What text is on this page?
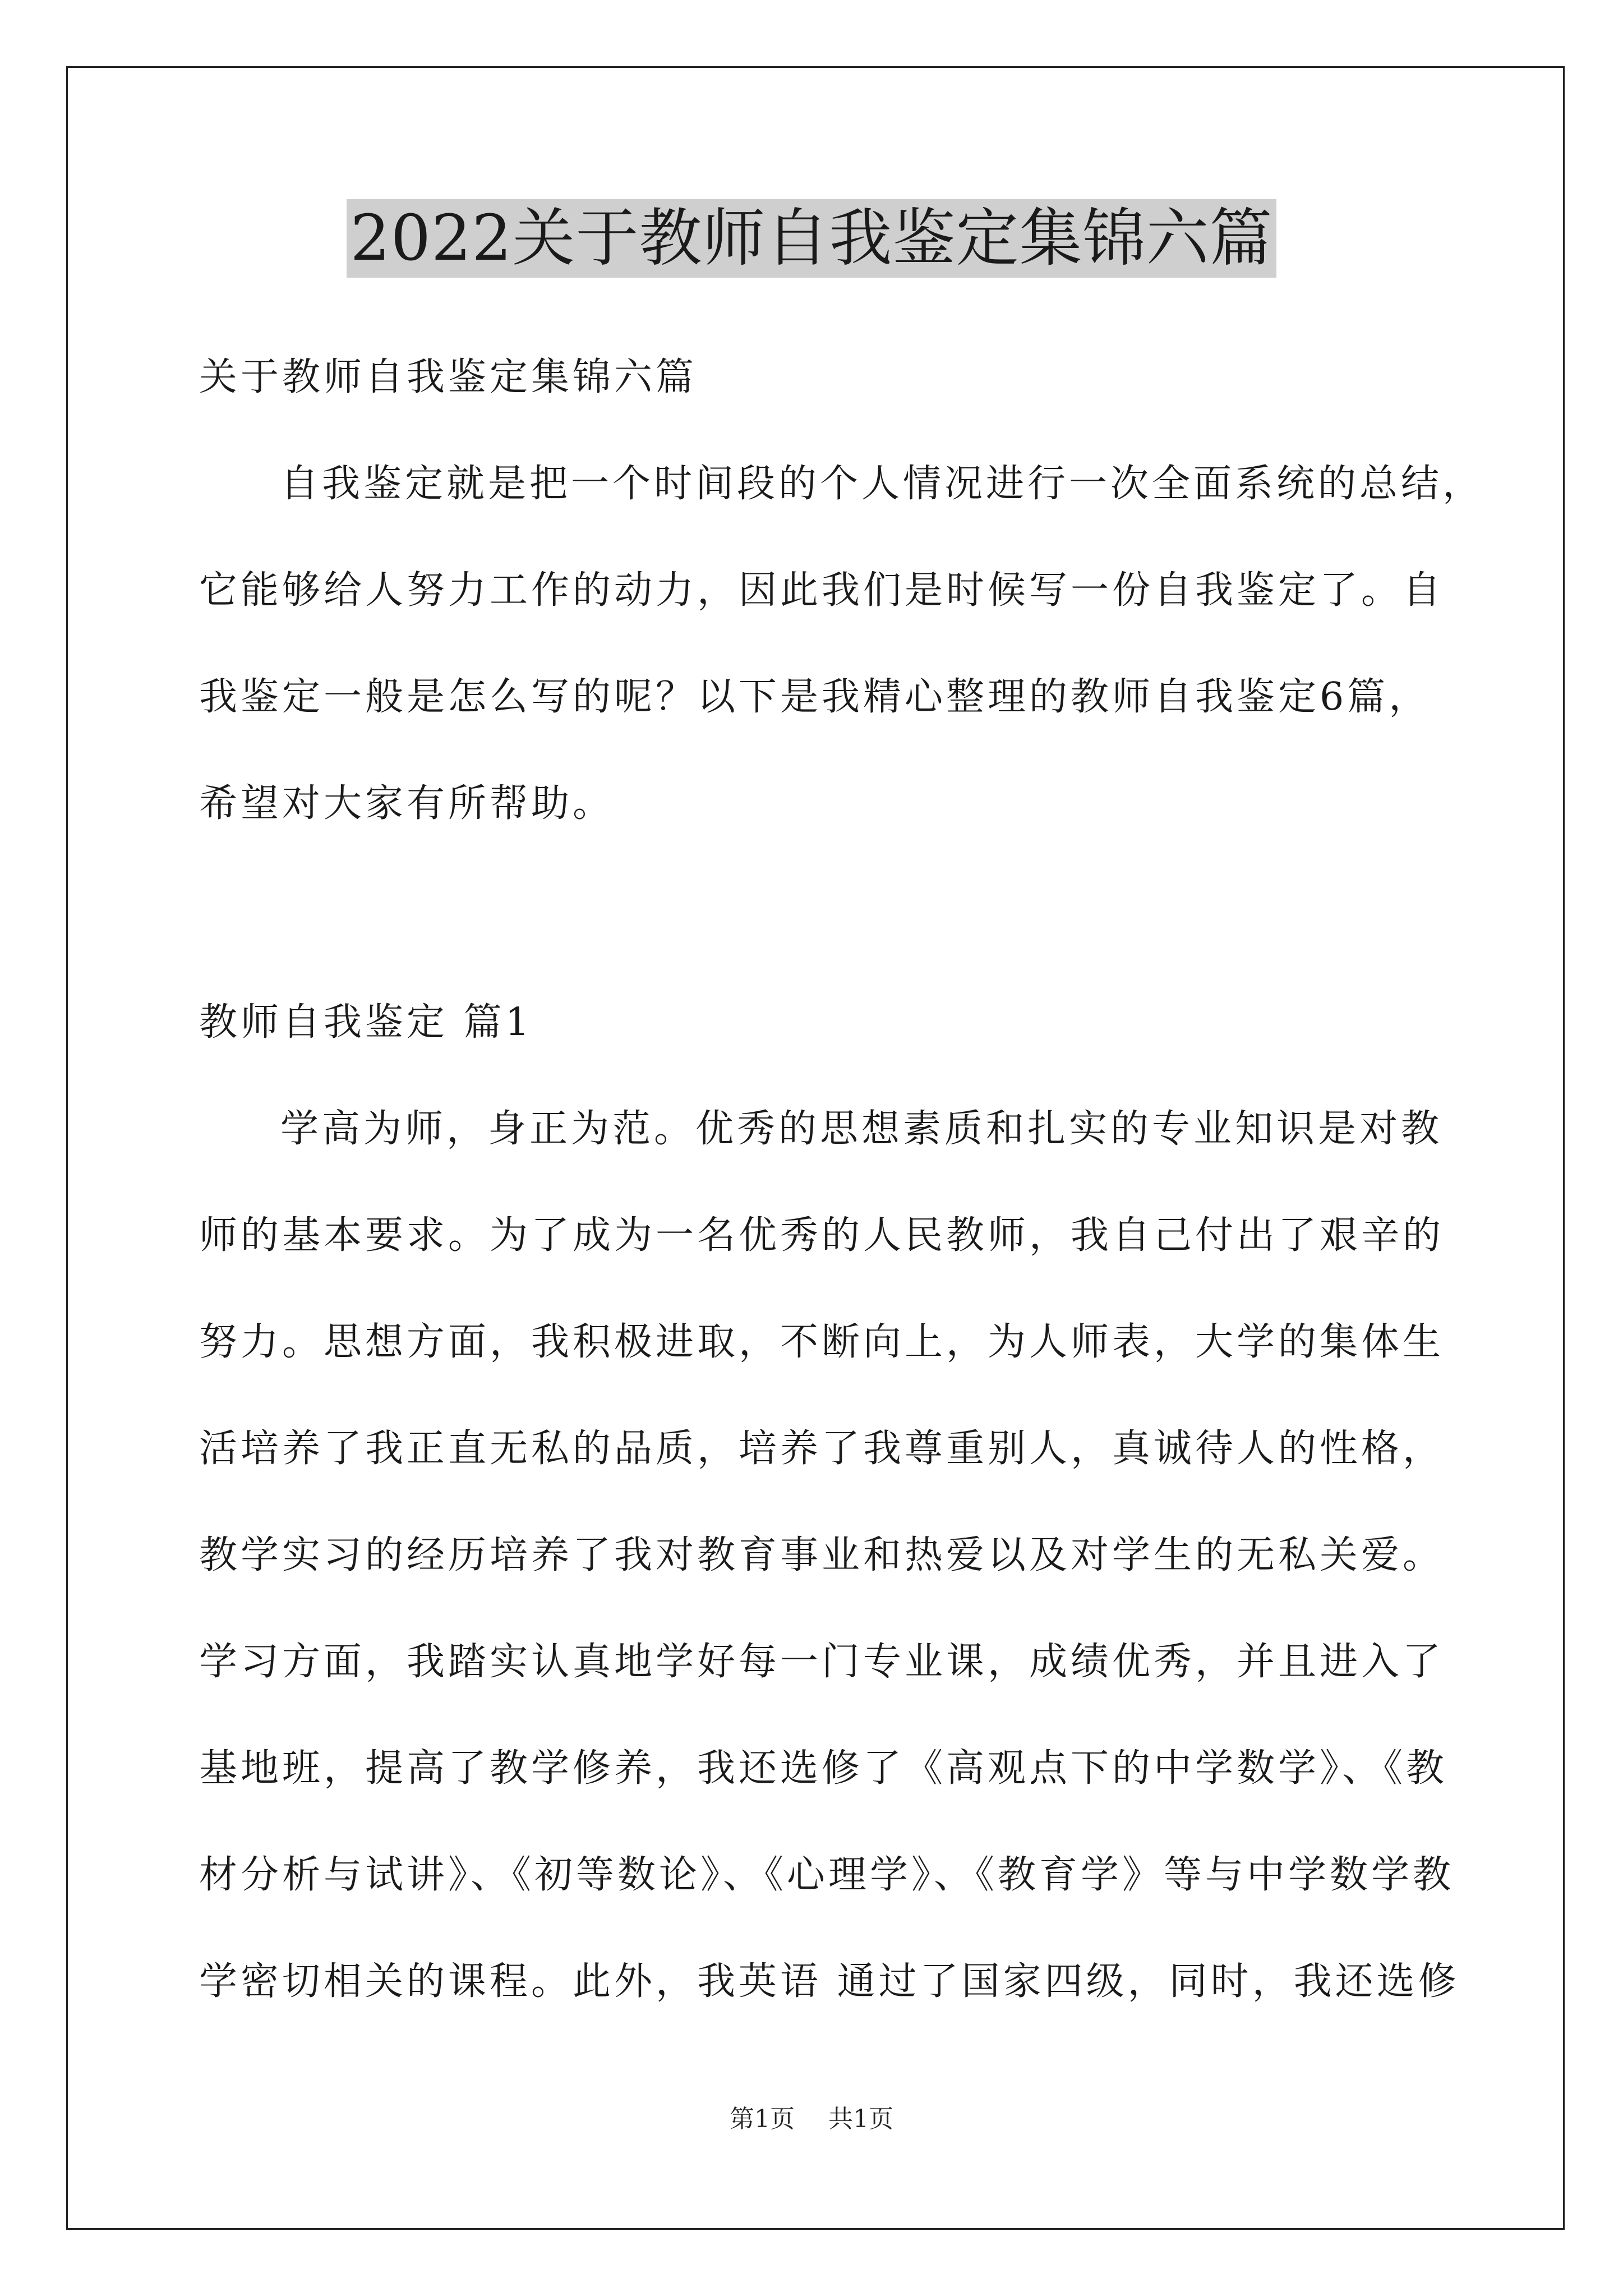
2022关于教师自我鉴定集锦六篇

关于教师自我鉴定集锦六篇

自我鉴定就是把一个时间段的个人情况进行一次全面系统的总结，

它能够给人努力工作的动力，因此我们是时候写一份自我鉴定了。自

我鉴定一般是怎么写的呢？以下是我精心整理的教师自我鉴定6篇，

希望对大家有所帮助。

教师自我鉴定 篇1

学高为师，身正为范。优秀的思想素质和扎实的专业知识是对教

师的基本要求。为了成为一名优秀的人民教师，我自己付出了艰辛的

努力。思想方面，我积极进取，不断向上，为人师表，大学的集体生

活培养了我正直无私的品质，培养了我尊重别人，真诚待人的性格，

教学实习的经历培养了我对教育事业和热爱以及对学生的无私关爱。

学习方面，我踏实认真地学好每一门专业课，成绩优秀，并且进入了

基地班，提高了教学修养，我还选修了《高观点下的中学数学》、《教

材分析与试讲》、《初等数论》、《心理学》、《教育学》等与中学数学教

学密切相关的课程。此外，我英语 通过了国家四级，同时，我还选修

第1页 共1页
